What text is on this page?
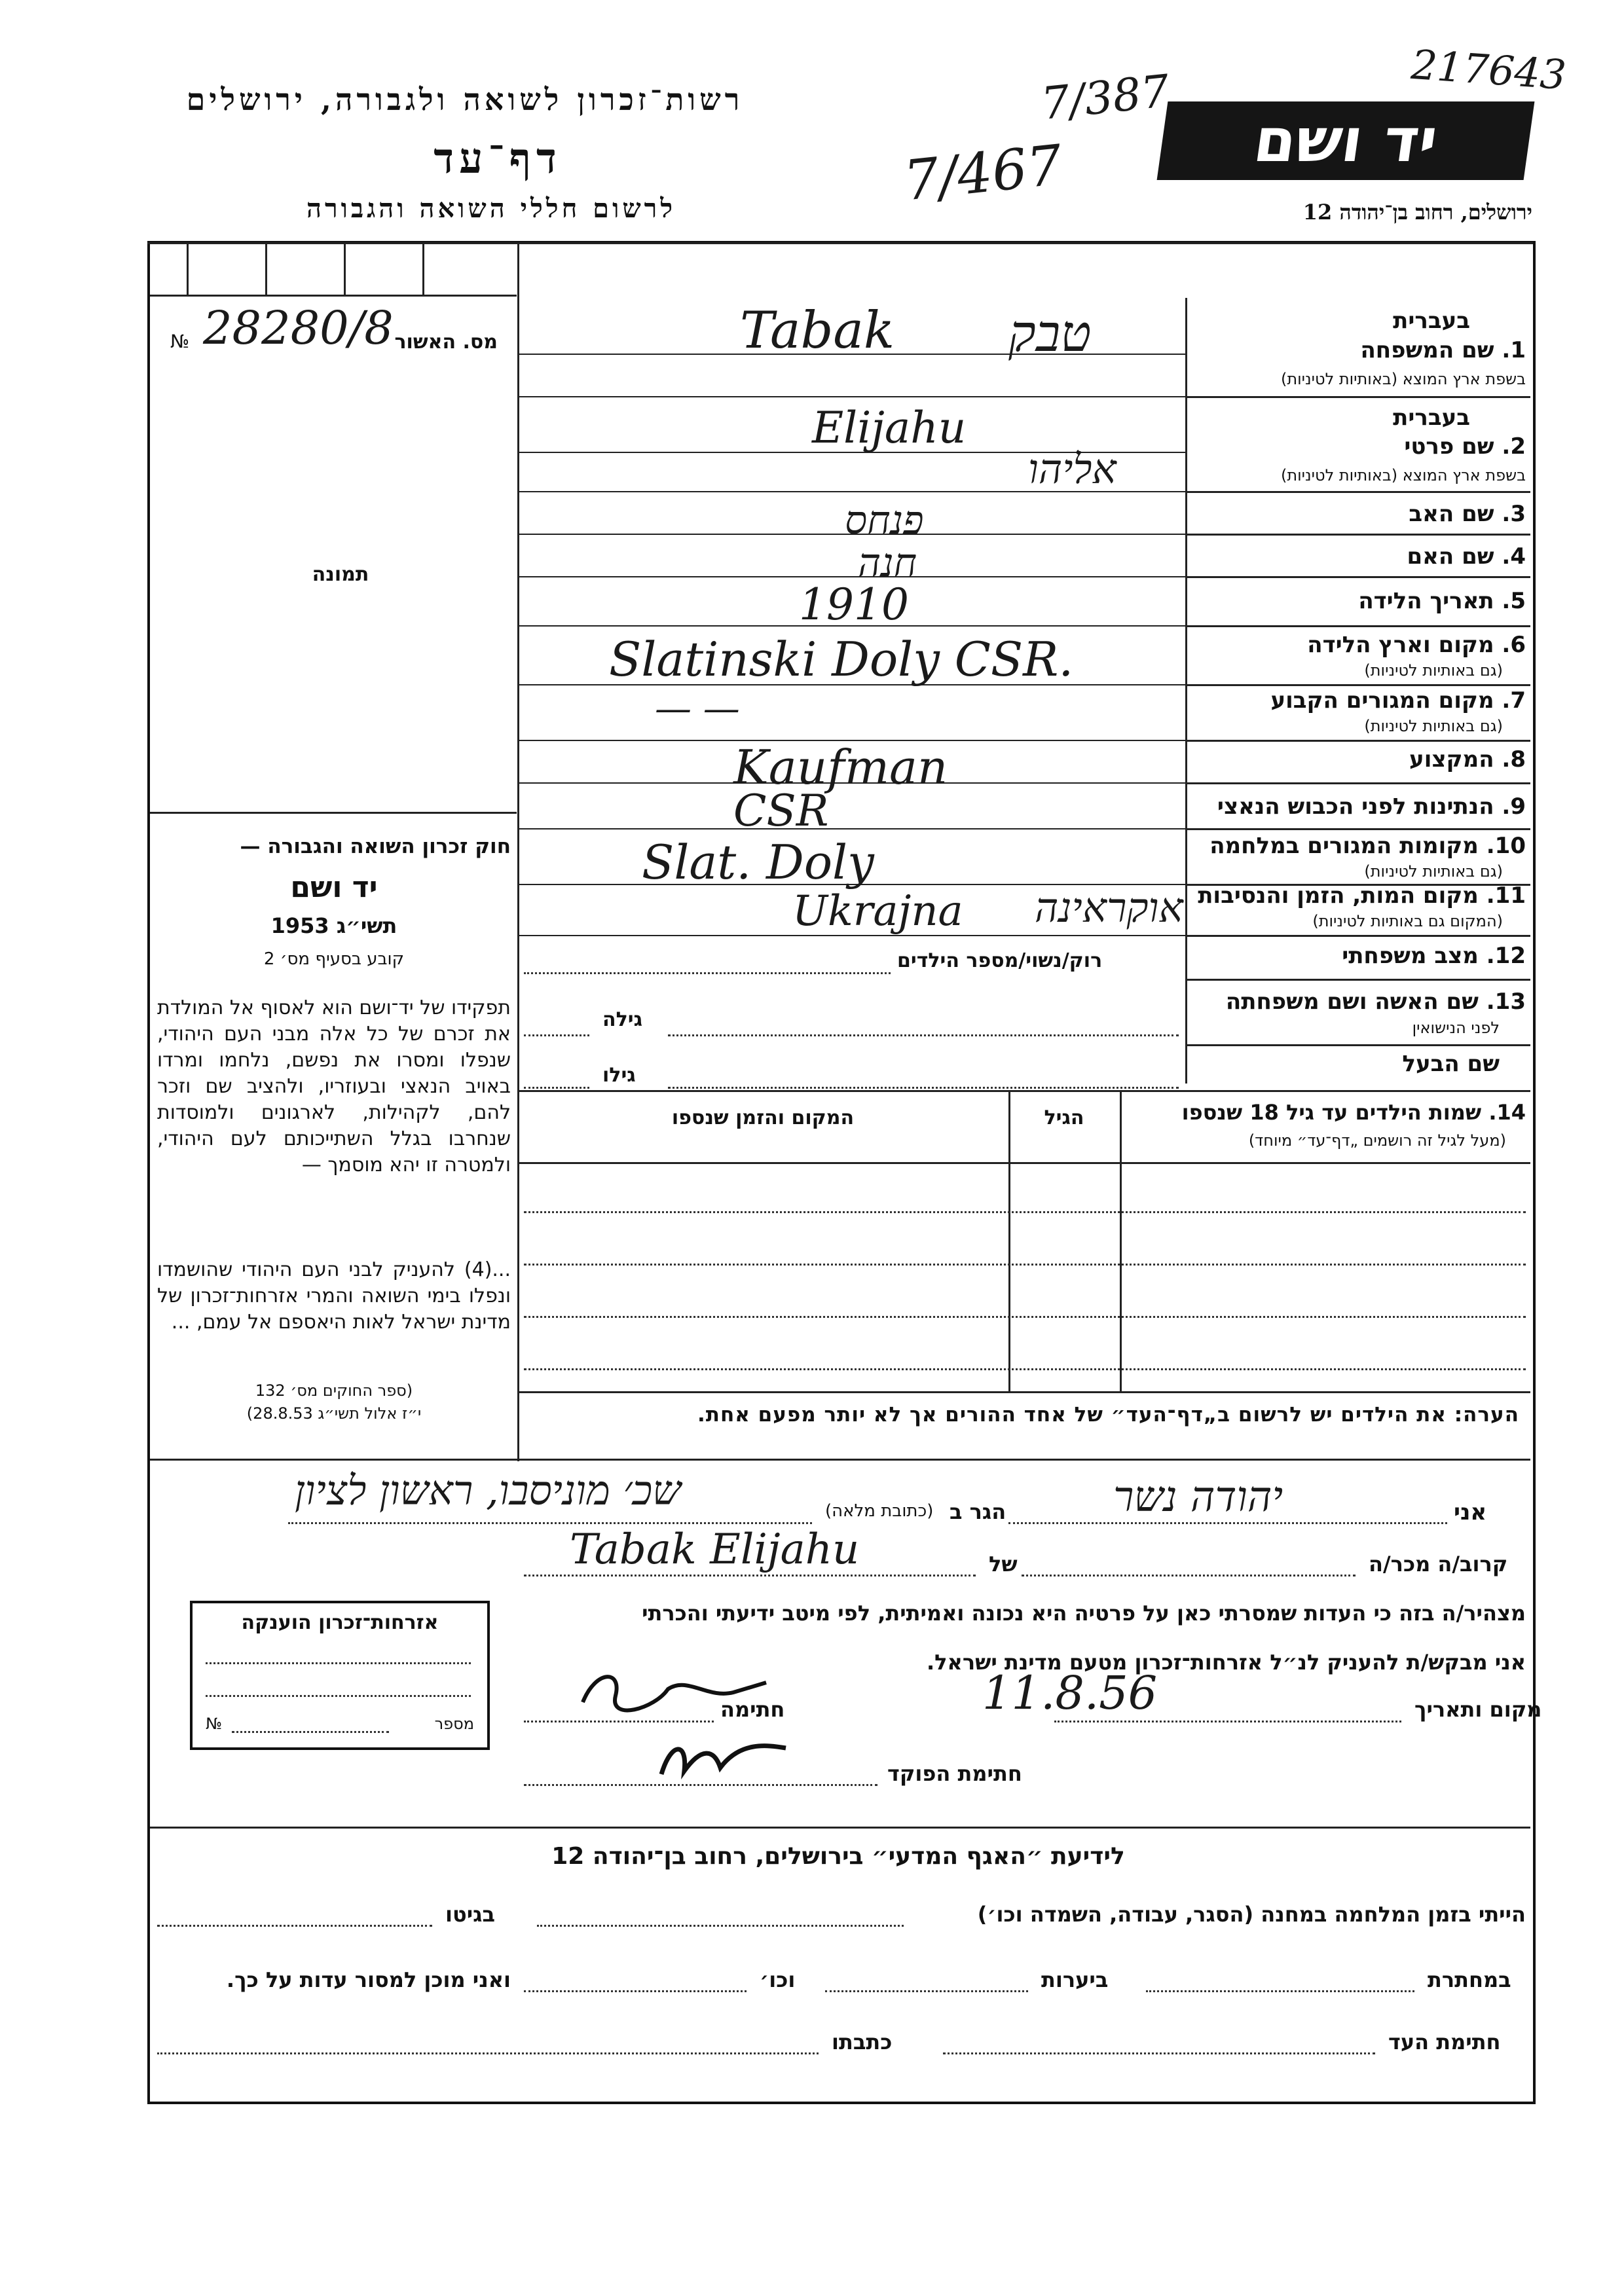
רשות־זכרון לשואה ולגבורה, ירושלים
דף־עד
לרשום חללי השואה והגבורה
יד ושם
ירושלים, רחוב בן־יהודה 12
217643
7/387
7/467
№ 28280/8 מס. האשור
תמונה
חוק זכרון השואה והגבורה —
יד ושם
תשי״ג 1953
קובע בסעיף מס׳ 2
תפקידו של יד־ושם הוא לאסוף אל המולדת את זכרם של כל אלה מבני העם היהודי, שנפלו ומסרו את נפשם, נלחמו ומרדו באויב הנאצי ובעוזריו, ולהציב שם וזכר להם, לקהילות, לארגונים ולמוסדות שנחרבו בגלל השתייכותם לעם היהודי, ולמטרה זו יהא מוסמך —
...(4) להעניק לבני העם היהודי שהושמדו ונפלו בימי השואה והמרי אזרחות־זכרון של מדינת ישראל לאות היאספם אל עמם, ...
(ספר החוקים מס׳ 132
י״ז אלול תשי״ג 28.8.53)
בעברית
1. שם המשפחה
בשפת ארץ המוצא (באותיות לטיניות)
בעברית
2. שם פרטי
בשפת ארץ המוצא (באותיות לטיניות)
3. שם האב
4. שם האם
5. תאריך הלידה
6. מקום וארץ הלידה
(גם באותיות לטיניות)
7. מקום המגורים הקבוע
(גם באותיות לטיניות)
8. המקצוע
9. הנתינות לפני הכבוש הנאצי
10. מקומות המגורים במלחמה
(גם באותיות לטיניות)
11. מקום המות, הזמן והנסיבות
(המקום גם באותיות לטיניות)
12. מצב משפחתי
13. שם האשה ושם משפחתה
לפני הנישואין
שם הבעל
Tabak טבק
Elijahu
אליהו
פנחס
חנה
1910
Slatinski Doly CSR.
— —
Kaufman
CSR
Slat. Doly
Ukrajna אוקראינה
רוק/נשוי/מספר הילדים
גילה
גילו
14. שמות הילדים עד גיל 18 שנספו
(מעל לגיל זה רושמים „דף־עד״ מיוחד)
הגיל
המקום והזמן שנספו
הערה: את הילדים יש לרשום ב„דף־העד״ של אחד ההורים אך לא יותר מפעם אחת.
אני
יהודה נשר
הגר ב
(כתובת מלאה)
שכ׳ מוניסבו, ראשון לציון
קרוב/ה מכר/ה
של
Tabak Elijahu
מצהיר/ה בזה כי העדות שמסרתי כאן על פרטיה היא נכונה ואמיתית, לפי מיטב ידיעתי והכרתי
אני מבקש/ת להעניק לנ״ל אזרחות־זכרון מטעם מדינת ישראל.
מקום ותאריך
11.8.56
חתימה
חתימת הפוקד
אזרחות־זכרון הוענקה
מספר
№
לידיעת ״האגף המדעי״ בירושלים, רחוב בן־יהודה 12
הייתי בזמן המלחמה במחנה (הסגר, עבודה, השמדה וכו׳)
בגיטו
במחתרת
ביערות
וכו׳
ואני מוכן למסור עדות על כך.
חתימת העד
כתבתו
